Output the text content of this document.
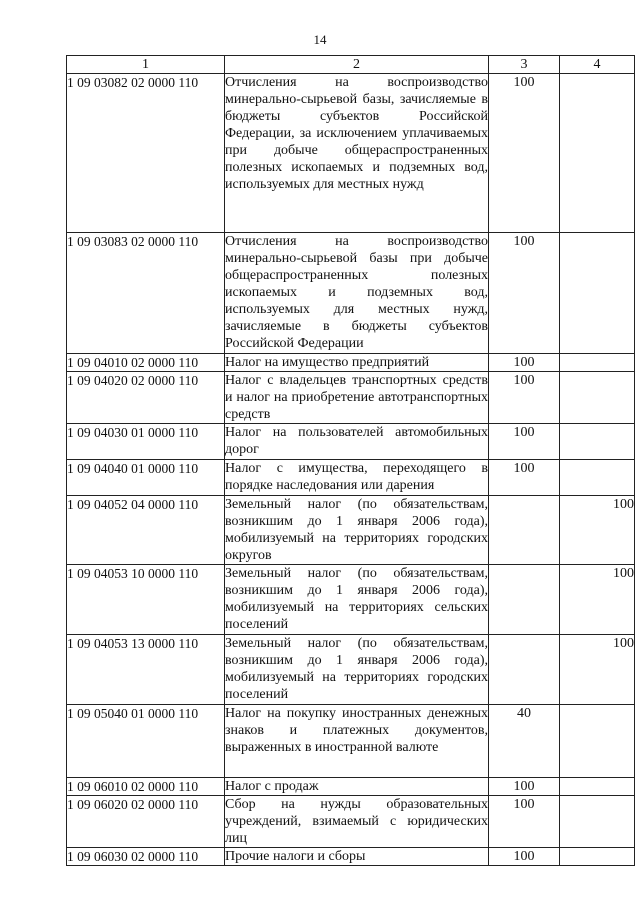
14
1	2	3	4
1 09 03082 02 0000 110	Отчисления на воспроизводство минерально-сырьевой базы, зачисляемые в бюджеты субъектов Российской Федерации, за исключением уплачиваемых при добыче общераспространенных полезных ископаемых и подземных вод, используемых для местных нужд	100	
1 09 03083 02 0000 110	Отчисления на воспроизводство минерально-сырьевой базы при добыче общераспространенных полезных ископаемых и подземных вод, используемых для местных нужд, зачисляемые в бюджеты субъектов Российской Федерации	100	
1 09 04010 02 0000 110	Налог на имущество предприятий	100	
1 09 04020 02 0000 110	Налог с владельцев транспортных средств и налог на приобретение автотранспортных средств	100	
1 09 04030 01 0000 110	Налог на пользователей автомобильных дорог	100	
1 09 04040 01 0000 110	Налог с имущества, переходящего в порядке наследования или дарения	100	
1 09 04052 04 0000 110	Земельный налог (по обязательствам, возникшим до 1 января 2006 года), мобилизуемый на территориях городских округов		100
1 09 04053 10 0000 110	Земельный налог (по обязательствам, возникшим до 1 января 2006 года), мобилизуемый на территориях сельских поселений		100
1 09 04053 13 0000 110	Земельный налог (по обязательствам, возникшим до 1 января 2006 года), мобилизуемый на территориях городских поселений		100
1 09 05040 01 0000 110	Налог на покупку иностранных денежных знаков и платежных документов, выраженных в иностранной валюте	40	
1 09 06010 02 0000 110	Налог с продаж	100	
1 09 06020 02 0000 110	Сбор на нужды образовательных учреждений, взимаемый с юридических лиц	100	
1 09 06030 02 0000 110	Прочие налоги и сборы	100	
